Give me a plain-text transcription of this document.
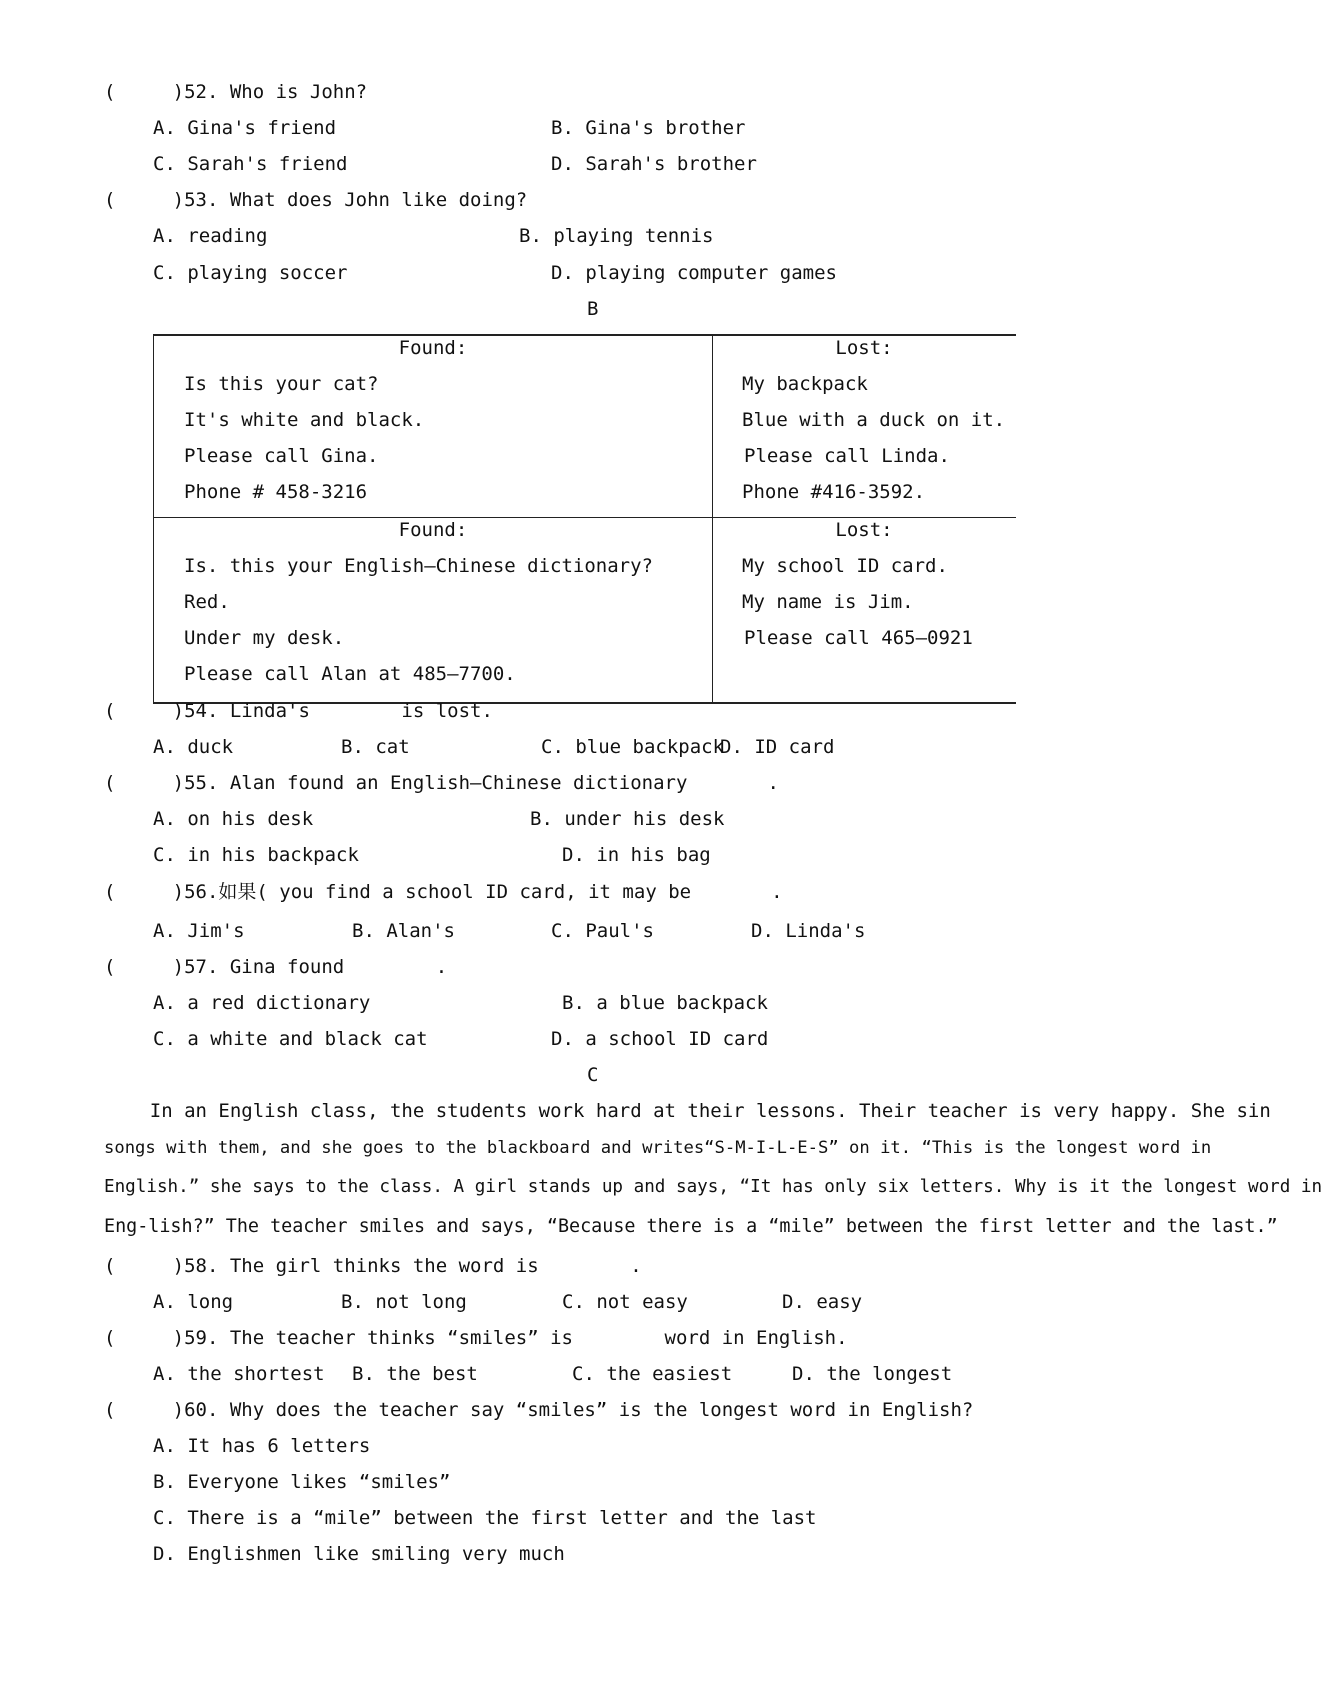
(     )52. Who is John?
A. Gina's friend	B. Gina's brother
C. Sarah's friend	D. Sarah's brother
(     )53. What does John like doing?
A. reading	B. playing tennis
C. playing soccer	D. playing computer games
B
Found:
Is this your cat?
It's white and black.
Please call Gina.
Phone # 458-3216
Lost:
My backpack
Blue with a duck on it.
Please call Linda.
Phone #416-3592.
Found:
Is. this your English—Chinese dictionary?
Red.
Under my desk.
Please call Alan at 485—7700.
Lost:
My school ID card.
My name is Jim.
Please call 465—0921
(     )54. Linda's        is lost.
A. duck	B. cat	C. blue backpack
D. ID card
(     )55. Alan found an English—Chinese dictionary       .
A. on his desk	B. under his desk
C. in his backpack	D. in his bag
(     )56.如果( you find a school ID card, it may be       .
A. Jim's	B. Alan's	C. Paul's	D. Linda's
(     )57. Gina found        .
A. a red dictionary	B. a blue backpack
C. a white and black cat	D. a school ID card
C
In an English class, the students work hard at their lessons. Their teacher is very happy. She sin
songs with them, and she goes to the blackboard and writes“S-M-I-L-E-S” on it. “This is the longest word in
English.” she says to the class. A girl stands up and says, “It has only six letters. Why is it the longest word in
Eng-lish?” The teacher smiles and says, “Because there is a “mile” between the first letter and the last.”
(     )58. The girl thinks the word is        .
A. long	B. not long	C. not easy	D. easy
(     )59. The teacher thinks “smiles” is        word in English.
A. the shortest B. the best	C. the easiest	D. the longest
(     )60. Why does the teacher say “smiles” is the longest word in English?
A. It has 6 letters
B. Everyone likes “smiles”
C. There is a “mile” between the first letter and the last
D. Englishmen like smiling very much
